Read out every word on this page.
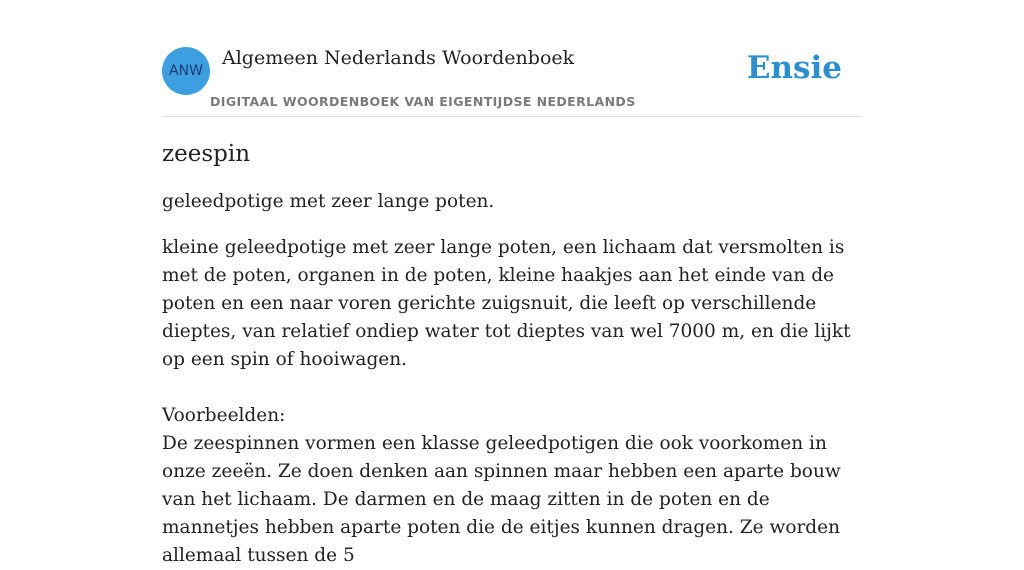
ANW
Algemeen Nederlands Woordenboek
DIGITAAL WOORDENBOEK VAN EIGENTIJDSE NEDERLANDS
Ensie
zeespin

geleedpotige met zeer lange poten.

kleine geleedpotige met zeer lange poten, een lichaam dat versmolten is met de poten, organen in de poten, kleine haakjes aan het einde van de poten en een naar voren gerichte zuigsnuit, die leeft op verschillende dieptes, van relatief ondiep water tot dieptes van wel 7000 m, en die lijkt op een spin of hooiwagen.

Voorbeelden:

De zeespinnen vormen een klasse geleedpotigen die ook voorkomen in onze zeeën. Ze doen denken aan spinnen maar hebben een aparte bouw van het lichaam. De darmen en de maag zitten in de poten en de mannetjes hebben aparte poten die de eitjes kunnen dragen. Ze worden allemaal tussen de 5
